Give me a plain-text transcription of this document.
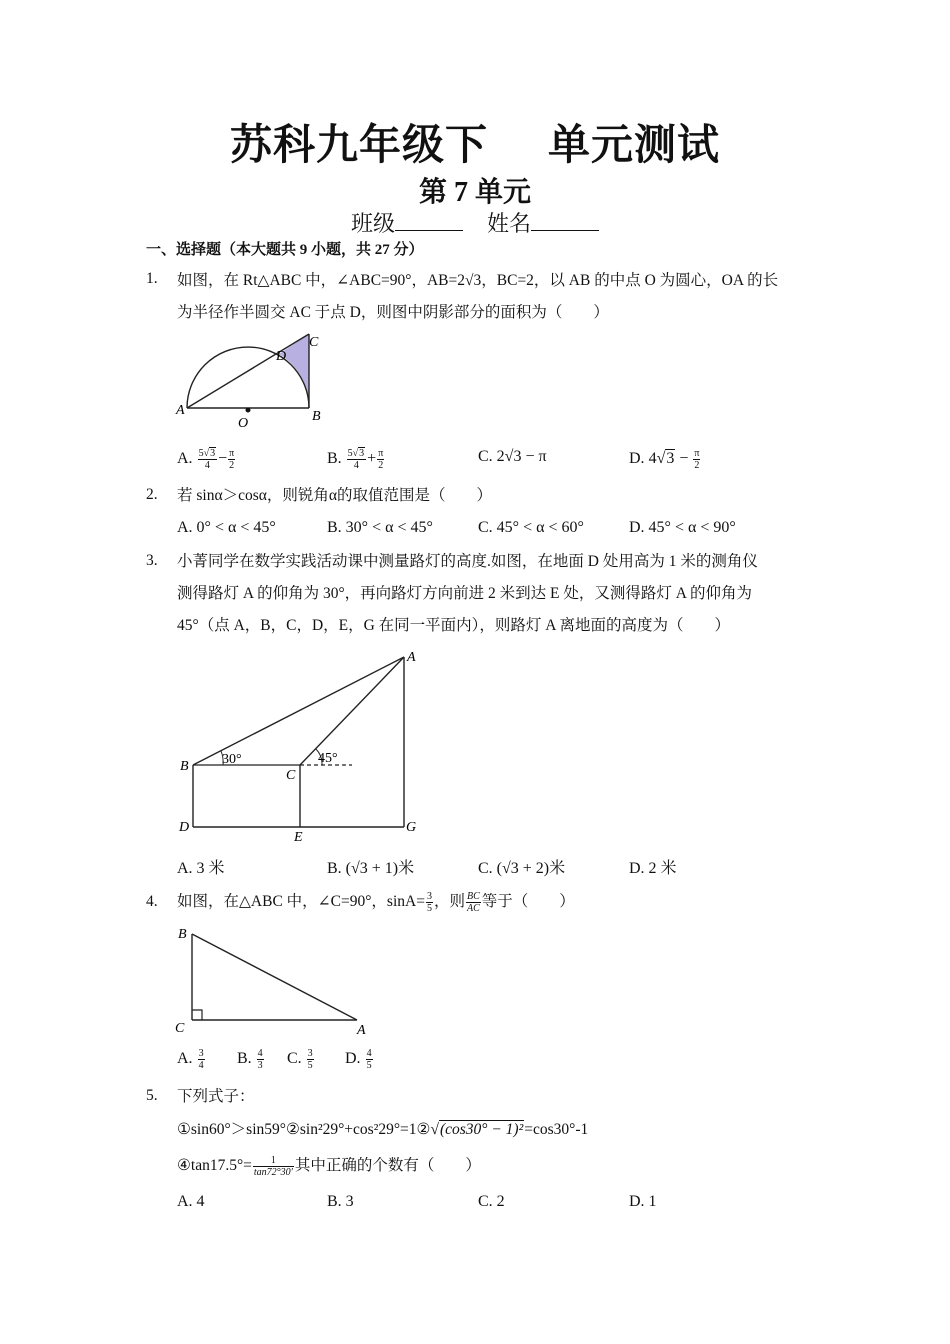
苏科九年级下 单元测试
第 7 单元
班级	姓名
一、选择题（本大题共 9 小题，共 27 分）
1. 如图，在 Rt△ABC 中，∠ABC=90°，AB=2√3，BC=2，以 AB 的中点 O 为圆心，OA 的长
为半径作半圆交 AC 于点 D，则图中阴影部分的面积为（　　）
A	B
C
D
O
A. $\frac{5√3}{4} - \frac{\pi}{2}$	B. $\frac{5√3}{4} + \frac{\pi}{2}$	C. 2√3 − π	D. $4√3 - \frac{\pi}{2}$
2. 若 sinα＞cosα，则锐角α的取值范围是（　　）
A. 0° < α < 45°	B. 30° < α < 45°	C. 45° < α < 60°	D. 45° < α < 90°
3. 小菁同学在数学实践活动课中测量路灯的高度.如图，在地面 D 处用高为 1 米的测角仪
测得路灯 A 的仰角为 30°，再向路灯方向前进 2 米到达 E 处，又测得路灯 A 的仰角为
45°（点 A，B，C，D，E，G 在同一平面内），则路灯 A 离地面的高度为（　　）
A
B
C
D
E
G
30°	45°
A. 3 米	B. (√3 + 1)米	C. (√3 + 2)米	D. 2 米
4. 如图，在△ABC 中，∠C=90°，$\sin A= \frac{3}{5}$ ，则 $\frac{BC}{AC}$ 等于（　　）
B
C	A
A. $\frac{3}{4} B$. $\frac{4}{3} C$. $\frac{3}{5} D$. $\frac{4}{5}$
5. 下列式子：
①sin60°＞sin59°②sin²29°+cos²29°=1②√(cos30° − 1)²=cos30°-1
④tan17.5°= $\frac{1}{\tan 72^\circ 30'}$ 其中正确的个数有（　　）
A. 4	B. 3	C. 2	D. 1
